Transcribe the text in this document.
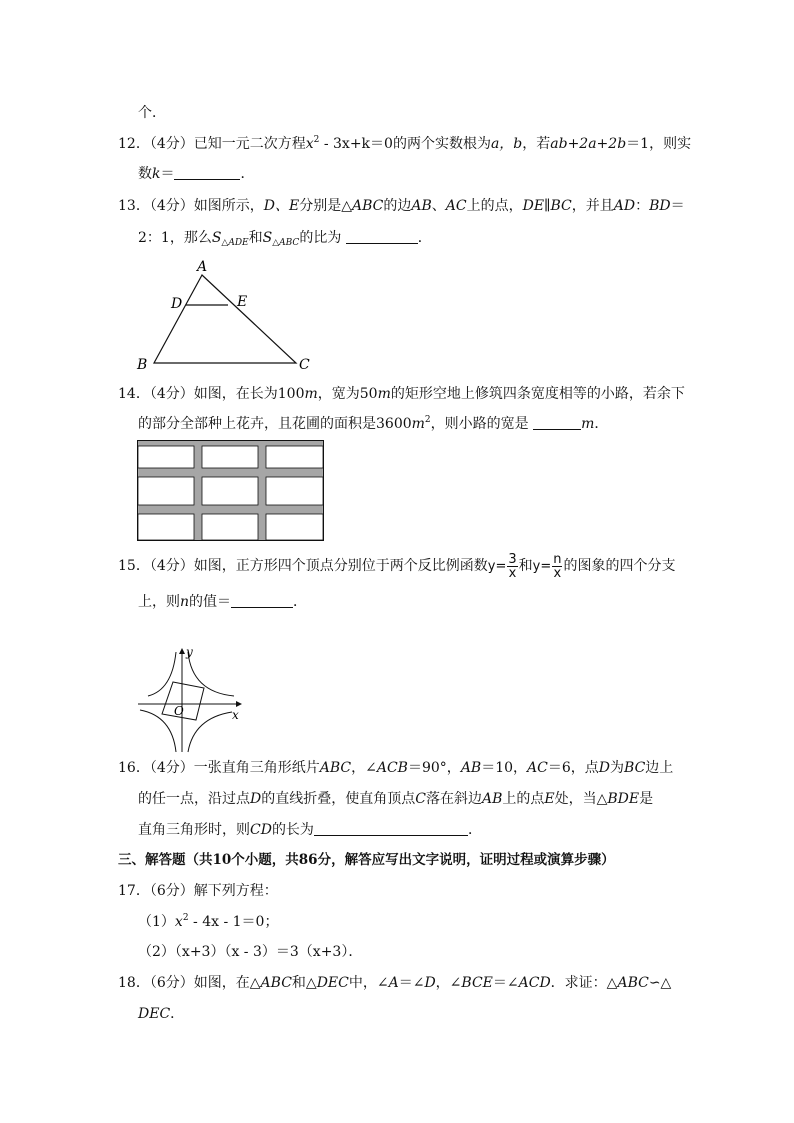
个．
12．（4分）已知一元二次方程$x^2 - 3x+k=0$的两个实数根为a，b，若ab+2a+2b＝1，则实
数k＝	．
13．（4分）如图所示，D、E分别是△ABC的边AB、AC上的点，DE∥BC，并且AD：BD＝
2：1，那么$S_{\triangle ADE}$和$S_{\triangle ABC}$的比为	．
A
D	E
B	C
14．（4分）如图，在长为100m，宽为50m的矩形空地上修筑四条宽度相等的小路，若余下
的部分全部种上花卉，且花圃的面积是$3600m^2$，则小路的宽是	m．
15．（4分）如图，正方形四个顶点分别位于两个反比例函数$y= \frac{3}{x}$ 和$y= \frac{n}{x}$ 的图象的四个分支
上，则n的值＝	．
y
x
O
16．（4分）一张直角三角形纸片ABC，∠ACB＝90°，AB＝10，AC＝6，点D为BC边上
的任一点，沿过点D的直线折叠，使直角顶点C落在斜边AB上的点E处，当△BDE是
直角三角形时，则CD的长为	．
三、解答题（共10个小题，共86分，解答应写出文字说明，证明过程或演算步骤）
17．（6分）解下列方程：
$(1)x^2 - 4x - 1=0$；
（2）（x+3）（x - 3）＝3（x+3）．
18．（6分）如图，在△ABC和△DEC中，∠A＝∠D，∠BCE＝∠ACD．求证：△ABC∽△
DEC．
